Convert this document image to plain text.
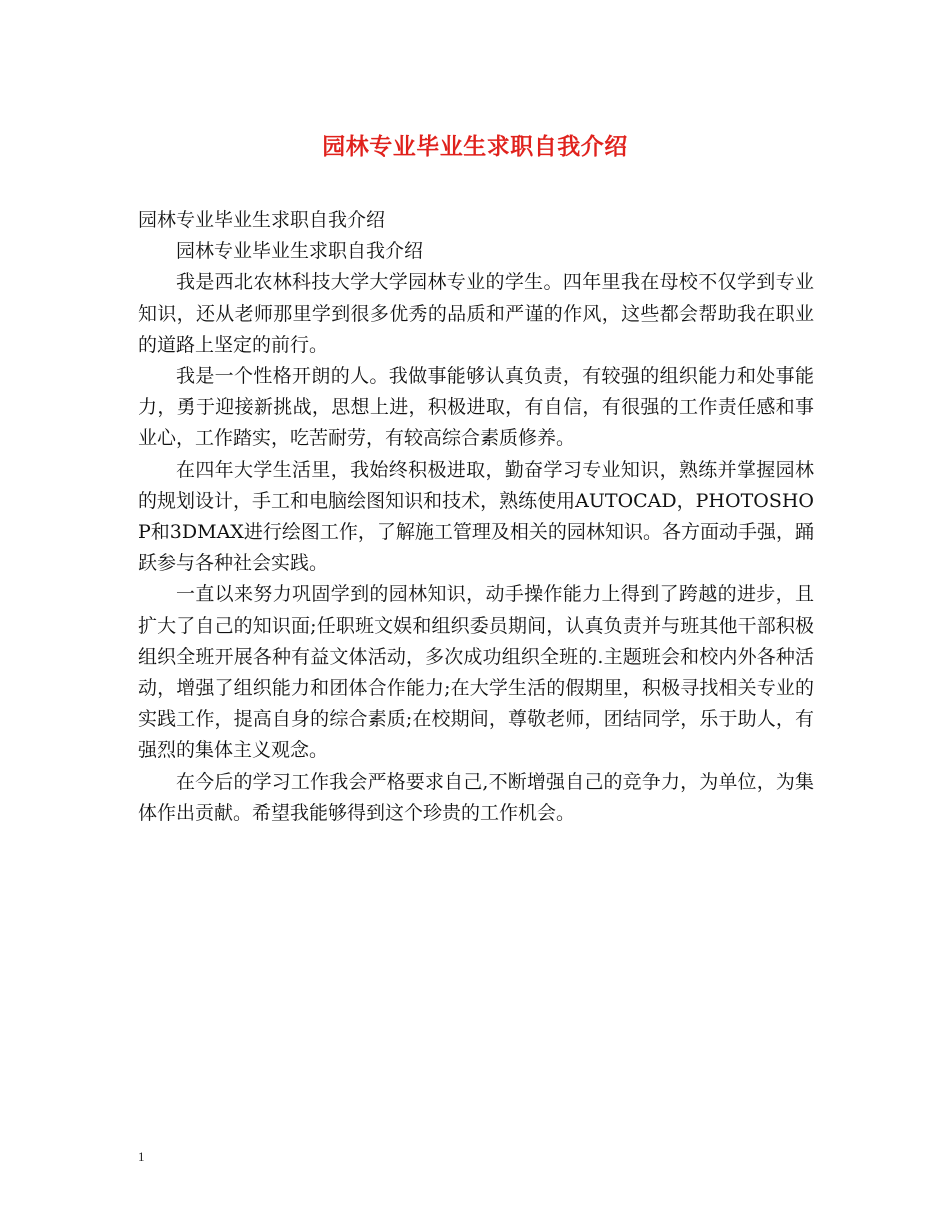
园林专业毕业生求职自我介绍

园林专业毕业生求职自我介绍

园林专业毕业生求职自我介绍

我是西北农林科技大学大学园林专业的学生。四年里我在母校不仅学到专业知识，还从老师那里学到很多优秀的品质和严谨的作风，这些都会帮助我在职业的道路上坚定的前行。

我是一个性格开朗的人。我做事能够认真负责，有较强的组织能力和处事能力，勇于迎接新挑战，思想上进，积极进取，有自信，有很强的工作责任感和事业心，工作踏实，吃苦耐劳，有较高综合素质修养。

在四年大学生活里，我始终积极进取，勤奋学习专业知识，熟练并掌握园林的规划设计，手工和电脑绘图知识和技术，熟练使用AUTOCAD，PHOTOSHOP和3DMAX进行绘图工作，了解施工管理及相关的园林知识。各方面动手强，踊跃参与各种社会实践。

一直以来努力巩固学到的园林知识，动手操作能力上得到了跨越的进步，且扩大了自己的知识面;任职班文娱和组织委员期间，认真负责并与班其他干部积极组织全班开展各种有益文体活动，多次成功组织全班的.主题班会和校内外各种活动，增强了组织能力和团体合作能力;在大学生活的假期里，积极寻找相关专业的实践工作，提高自身的综合素质;在校期间，尊敬老师，团结同学，乐于助人，有强烈的集体主义观念。

在今后的学习工作我会严格要求自己,不断增强自己的竞争力，为单位，为集体作出贡献。希望我能够得到这个珍贵的工作机会。

1
